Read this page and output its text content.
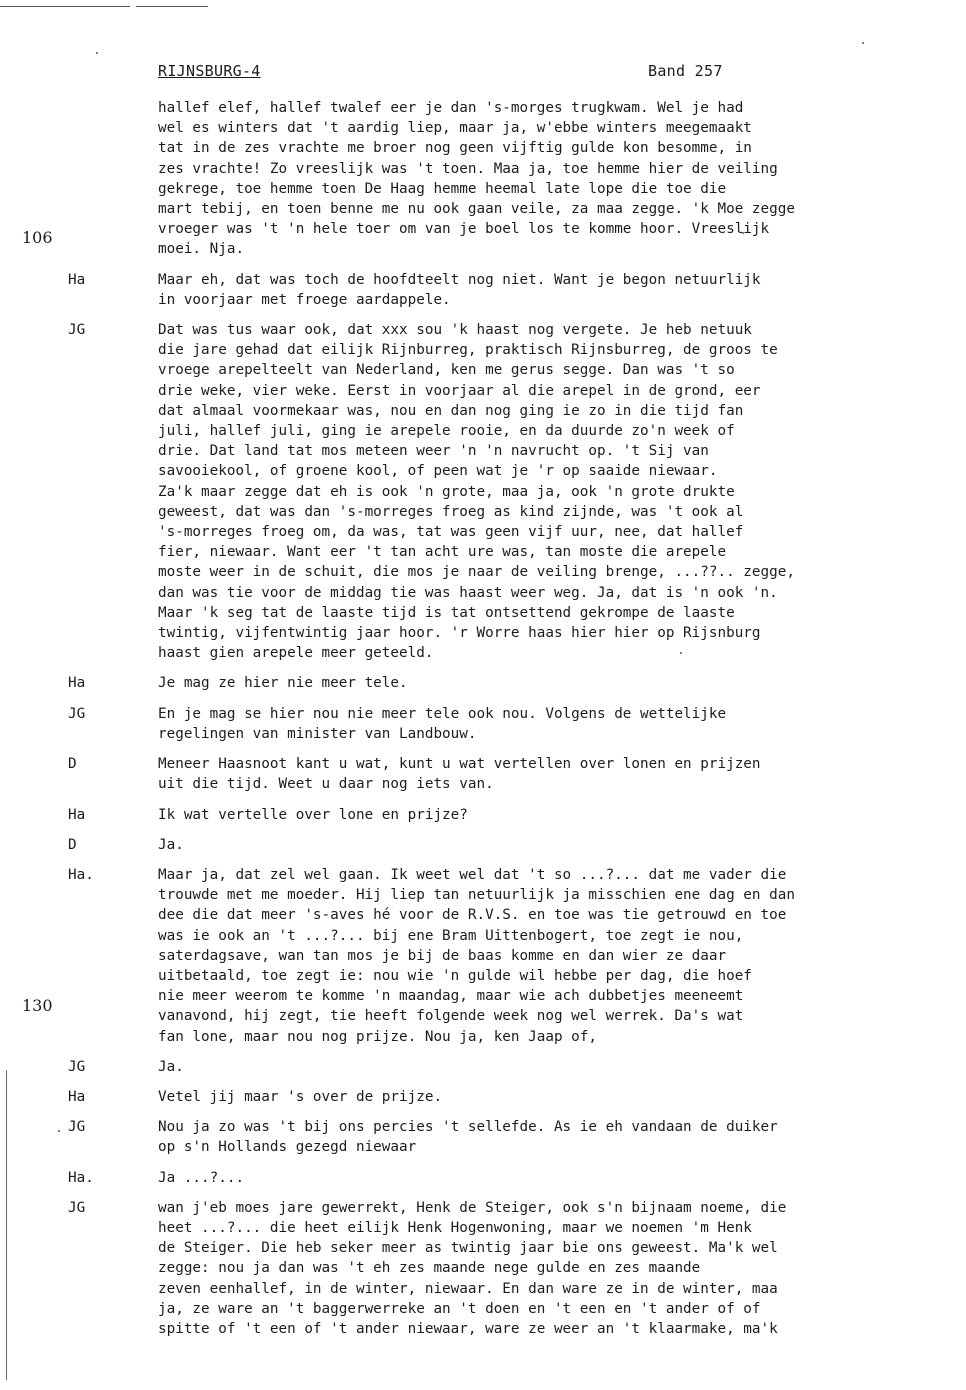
RIJNSBURG-4	Band 257
106
130
hallef elef, hallef twalef eer je dan 's-morges trugkwam. Wel je had
wel es winters dat 't aardig liep, maar ja, w'ebbe winters meegemaakt
tat in de zes vrachte me broer nog geen vijftig gulde kon besomme, in
zes vrachte! Zo vreeslijk was 't toen. Maa ja, toe hemme hier de veiling
gekrege, toe hemme toen De Haag hemme heemal late lope die toe die
mart tebij, en toen benne me nu ook gaan veile, za maa zegge. 'k Moe zegge
vroeger was 't 'n hele toer om van je boel los te komme hoor. Vreeslijk
moei. Nja.
Ha	Maar eh, dat was toch de hoofdteelt nog niet. Want je begon netuurlijk
in voorjaar met froege aardappele.
JG	Dat was tus waar ook, dat xxx sou 'k haast nog vergete. Je heb netuuk
die jare gehad dat eilijk Rijnburreg, praktisch Rijnsburreg, de groos te
vroege arepelteelt van Nederland, ken me gerus segge. Dan was 't so
drie weke, vier weke. Eerst in voorjaar al die arepel in de grond, eer
dat almaal voormekaar was, nou en dan nog ging ie zo in die tijd fan
juli, hallef juli, ging ie arepele rooie, en da duurde zo'n week of
drie. Dat land tat mos meteen weer 'n 'n navrucht op. 't Sij van
savooiekool, of groene kool, of peen wat je 'r op saaide niewaar.
Za'k maar zegge dat eh is ook 'n grote, maa ja, ook 'n grote drukte
geweest, dat was dan 's-morreges froeg as kind zijnde, was 't ook al
's-morreges froeg om, da was, tat was geen vijf uur, nee, dat hallef
fier, niewaar. Want eer 't tan acht ure was, tan moste die arepele
moste weer in de schuit, die mos je naar de veiling brenge, ...??.. zegge,
dan was tie voor de middag tie was haast weer weg. Ja, dat is 'n ook 'n.
Maar 'k seg tat de laaste tijd is tat ontsettend gekrompe de laaste
twintig, vijfentwintig jaar hoor. 'r Worre haas hier hier op Rijsnburg
haast gien arepele meer geteeld.
Ha	Je mag ze hier nie meer tele.
JG	En je mag se hier nou nie meer tele ook nou. Volgens de wettelijke
regelingen van minister van Landbouw.
D	Meneer Haasnoot kant u wat, kunt u wat vertellen over lonen en prijzen
uit die tijd. Weet u daar nog iets van.
Ha	Ik wat vertelle over lone en prijze?
D	Ja.
Ha.	Maar ja, dat zel wel gaan. Ik weet wel dat 't so ...?... dat me vader die
trouwde met me moeder. Hij liep tan netuurlijk ja misschien ene dag en dan
dee die dat meer 's-aves hé voor de R.V.S. en toe was tie getrouwd en toe
was ie ook an 't ...?... bij ene Bram Uittenbogert, toe zegt ie nou,
saterdagsave, wan tan mos je bij de baas komme en dan wier ze daar
uitbetaald, toe zegt ie: nou wie 'n gulde wil hebbe per dag, die hoef
nie meer weerom te komme 'n maandag, maar wie ach dubbetjes meeneemt
vanavond, hij zegt, tie heeft folgende week nog wel werrek. Da's wat
fan lone, maar nou nog prijze. Nou ja, ken Jaap of,
JG	Ja.
Ha	Vetel jij maar 's over de prijze.
JG	Nou ja zo was 't bij ons percies 't sellefde. As ie eh vandaan de duiker
op s'n Hollands gezegd niewaar
Ha.	Ja ...?...
JG	wan j'eb moes jare gewerrekt, Henk de Steiger, ook s'n bijnaam noeme, die
heet ...?... die heet eilijk Henk Hogenwoning, maar we noemen 'm Henk
de Steiger. Die heb seker meer as twintig jaar bie ons geweest. Ma'k wel
zegge: nou ja dan was 't eh zes maande nege gulde en zes maande
zeven eenhallef, in de winter, niewaar. En dan ware ze in de winter, maa
ja, ze ware an 't baggerwerreke an 't doen en 't een en 't ander of of
spitte of 't een of 't ander niewaar, ware ze weer an 't klaarmake, ma'k
